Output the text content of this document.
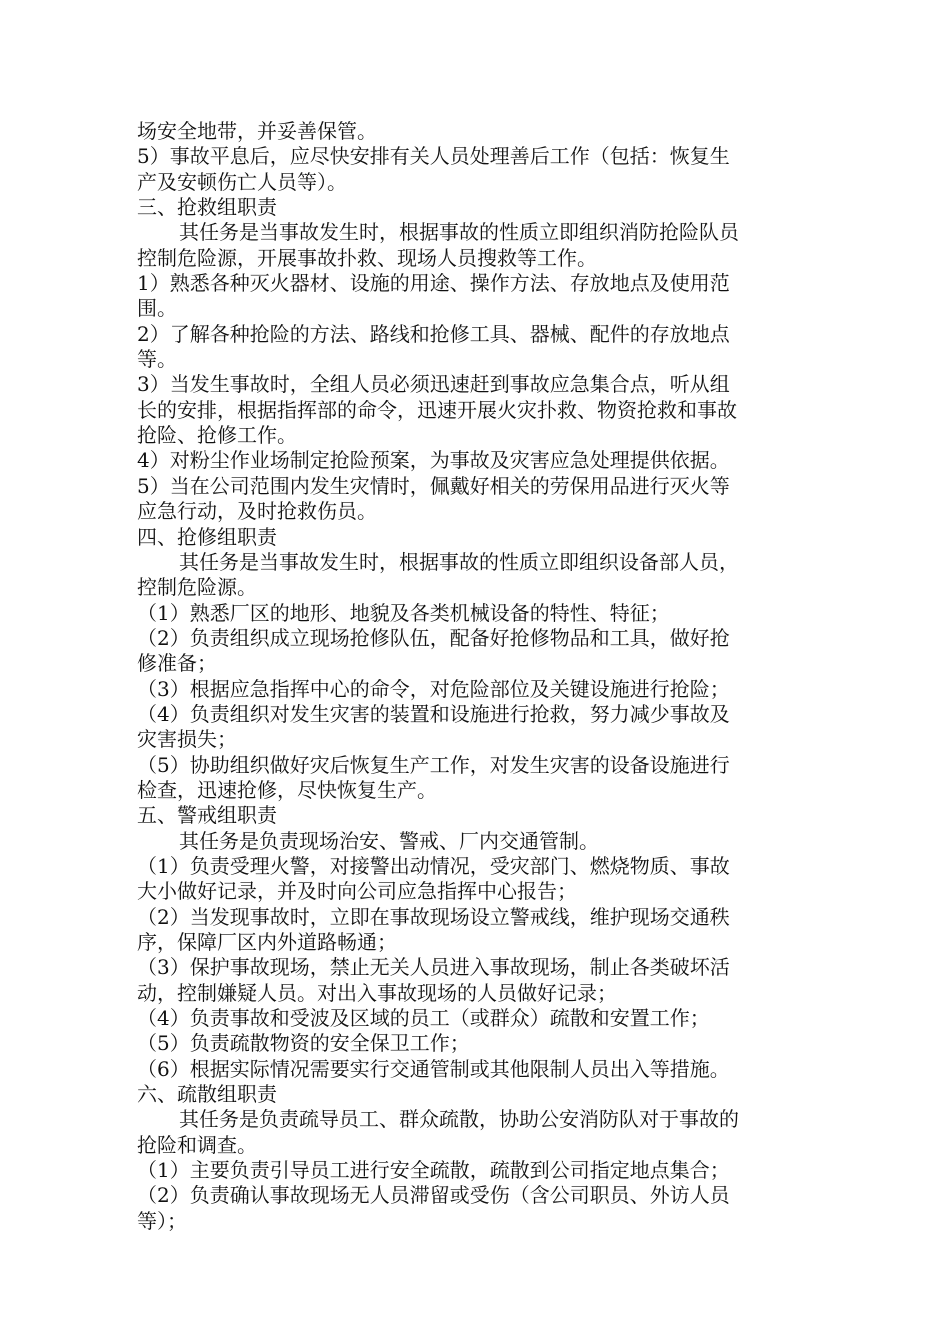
场安全地带，并妥善保管。
5）事故平息后，应尽快安排有关人员处理善后工作（包括：恢复生
产及安顿伤亡人员等）。
三、抢救组职责
其任务是当事故发生时，根据事故的性质立即组织消防抢险队员
控制危险源，开展事故扑救、现场人员搜救等工作。
1）熟悉各种灭火器材、设施的用途、操作方法、存放地点及使用范
围。
2）了解各种抢险的方法、路线和抢修工具、器械、配件的存放地点
等。
3）当发生事故时，全组人员必须迅速赶到事故应急集合点，听从组
长的安排，根据指挥部的命令，迅速开展火灾扑救、物资抢救和事故
抢险、抢修工作。
4）对粉尘作业场制定抢险预案，为事故及灾害应急处理提供依据。
5）当在公司范围内发生灾情时，佩戴好相关的劳保用品进行灭火等
应急行动，及时抢救伤员。
四、抢修组职责
其任务是当事故发生时，根据事故的性质立即组织设备部人员，
控制危险源。
（1）熟悉厂区的地形、地貌及各类机械设备的特性、特征；
（2）负责组织成立现场抢修队伍，配备好抢修物品和工具，做好抢
修准备；
（3）根据应急指挥中心的命令，对危险部位及关键设施进行抢险；
（4）负责组织对发生灾害的装置和设施进行抢救，努力减少事故及
灾害损失；
（5）协助组织做好灾后恢复生产工作，对发生灾害的设备设施进行
检查，迅速抢修，尽快恢复生产。
五、警戒组职责
其任务是负责现场治安、警戒、厂内交通管制。
（1）负责受理火警，对接警出动情况，受灾部门、燃烧物质、事故
大小做好记录，并及时向公司应急指挥中心报告；
（2）当发现事故时，立即在事故现场设立警戒线，维护现场交通秩
序，保障厂区内外道路畅通；
（3）保护事故现场，禁止无关人员进入事故现场，制止各类破坏活
动，控制嫌疑人员。对出入事故现场的人员做好记录；
（4）负责事故和受波及区域的员工（或群众）疏散和安置工作；
（5）负责疏散物资的安全保卫工作；
（6）根据实际情况需要实行交通管制或其他限制人员出入等措施。
六、疏散组职责
其任务是负责疏导员工、群众疏散，协助公安消防队对于事故的
抢险和调查。
（1）主要负责引导员工进行安全疏散，疏散到公司指定地点集合；
（2）负责确认事故现场无人员滞留或受伤（含公司职员、外访人员
等）；
